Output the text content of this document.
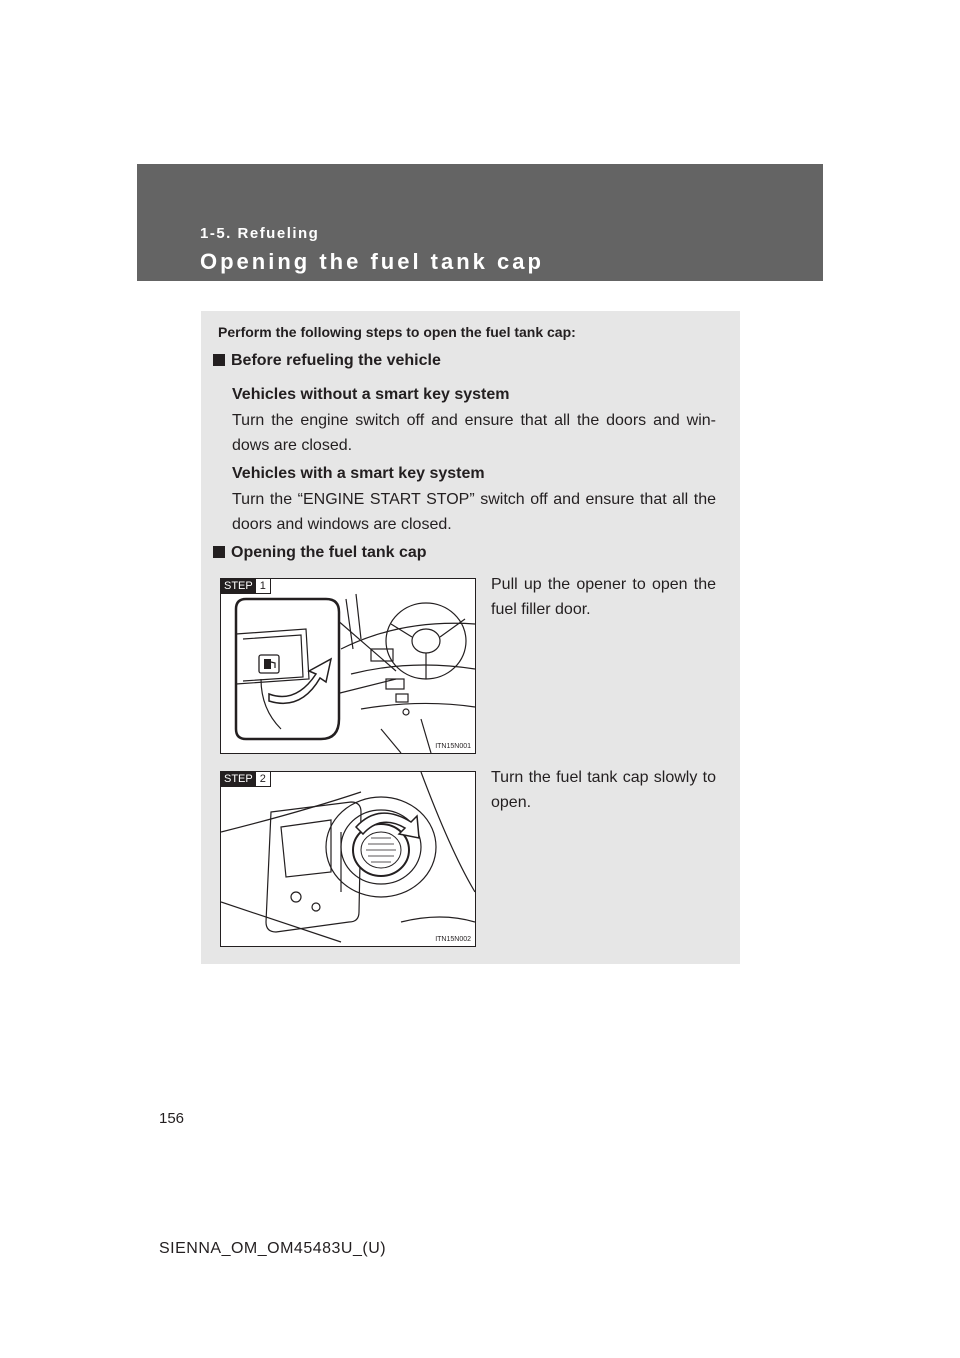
1-5. Refueling
Opening the fuel tank cap
Perform the following steps to open the fuel tank cap:
Before refueling the vehicle
Vehicles without a smart key system
Turn the engine switch off and ensure that all the doors and win-dows are closed.
Vehicles with a smart key system
Turn the “ENGINE START STOP” switch off and ensure that all the doors and windows are closed.
Opening the fuel tank cap
STEP 1
ITN15N001
Pull up the opener to open the fuel filler door.
STEP 2
ITN15N002
Turn the fuel tank cap slowly to open.
156
SIENNA_OM_OM45483U_(U)
